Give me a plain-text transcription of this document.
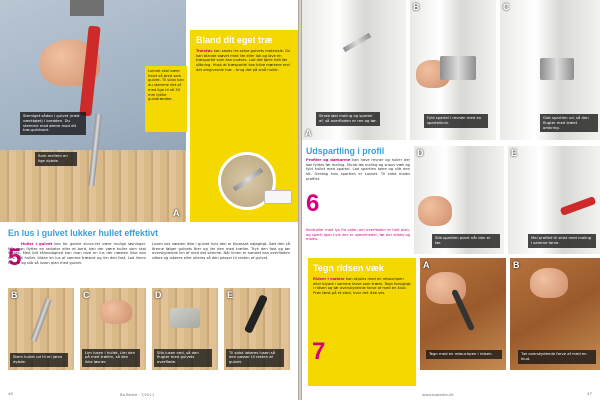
Stemiget sådan i gulvet (med værktøjet) i bredden. Du stemme mod ørene mod dit træ-gulvbord.
Som mellem en lige dybde.
A
Luknet skal være halvt så bred som gulvet. Til sidst kan du stemme det af med lige til så 30 mm tykke gulvbrædder.
Bland dit eget træ
Træstøv kan saves fra selve gulvets materiale. Du kan blande støvet med lim eller lak og lave en træspartel som kan pudses. Lad det tørre helt før slibning. Husk at træspartel kan blive mørkere end det omgivende træ – brug det på små huller.
En lus i gulvet lukker hullet effektivt
5 Huller i gulvet kan for gamle skrue-ret være mulige løsninger. Når man flytter en radiator eller et bord, kan der være huller som skal lukkes. Med lidt tålmodighed kan man lave en lus der næsten ikke kan ses. Mål hullet, tildan en lus af samme træsort og lim den fast. Lad limen hærde og slib så lusen plan med gulvet.
Lusen ses næsten ikke i gulvet hvis den er tilpasset nøjagtigt. Sæt den så årerne følger gulvets årer og lim den med trælim. Tryk den fast og tør overskydende lim af med det samme. Når limen er hærdet kan overfladen slibes og lakeres eller olieres så den passer til resten af gulvet.
B
Stem hullet ud til en jævn dybde.
C
Lim lusen i hullet. Lim den på med trælim, så den ikke løsner.
D
Slib lusen ned, så den flugter med gulvets overflade.
E
Til sidst lakeres lusen så den passer til resten af gulvet.
46	Bo Bedre · 7/2011
A
Skrab løst maling og spartel af, så overfladen er ren og tør.
B
Fyld spartel i revnen med en spartelkniv.
C
Glat spartlen ud, så den flugter med træet omkring.
Udspartling i profil
6
Profiler og dørkarme kan have revner og huller der bør fyldes før maling. Skrab løs maling og snavs væk og fyld hullet med spartel. Lad spartlen tørre og slib den let. Gentag hvis spartlen er sunket. Til sidst males profilet.
Kontroller med lys fra siden om overfladen er helt plan, og spartl igen hvis der er ujævnheder, før der slibes og males.
D
Slib spartlen plant når den er tør.
E
Mal profilet til sidst med maling i samme farve.
Tegn ridsen væk
Ridser i møbler kan skjules med en retouchpen eller blyant i samme farve som træet. Tegn forsigtigt i ridsen og tør overskydende farve af med en klud. Prøv først på et sted, hvor det ikke ses.
7
A
Tegn med en retouchpen i ridsen.
B
Tør overskydende farve af med en klud.
www.bobedre.dk	47
